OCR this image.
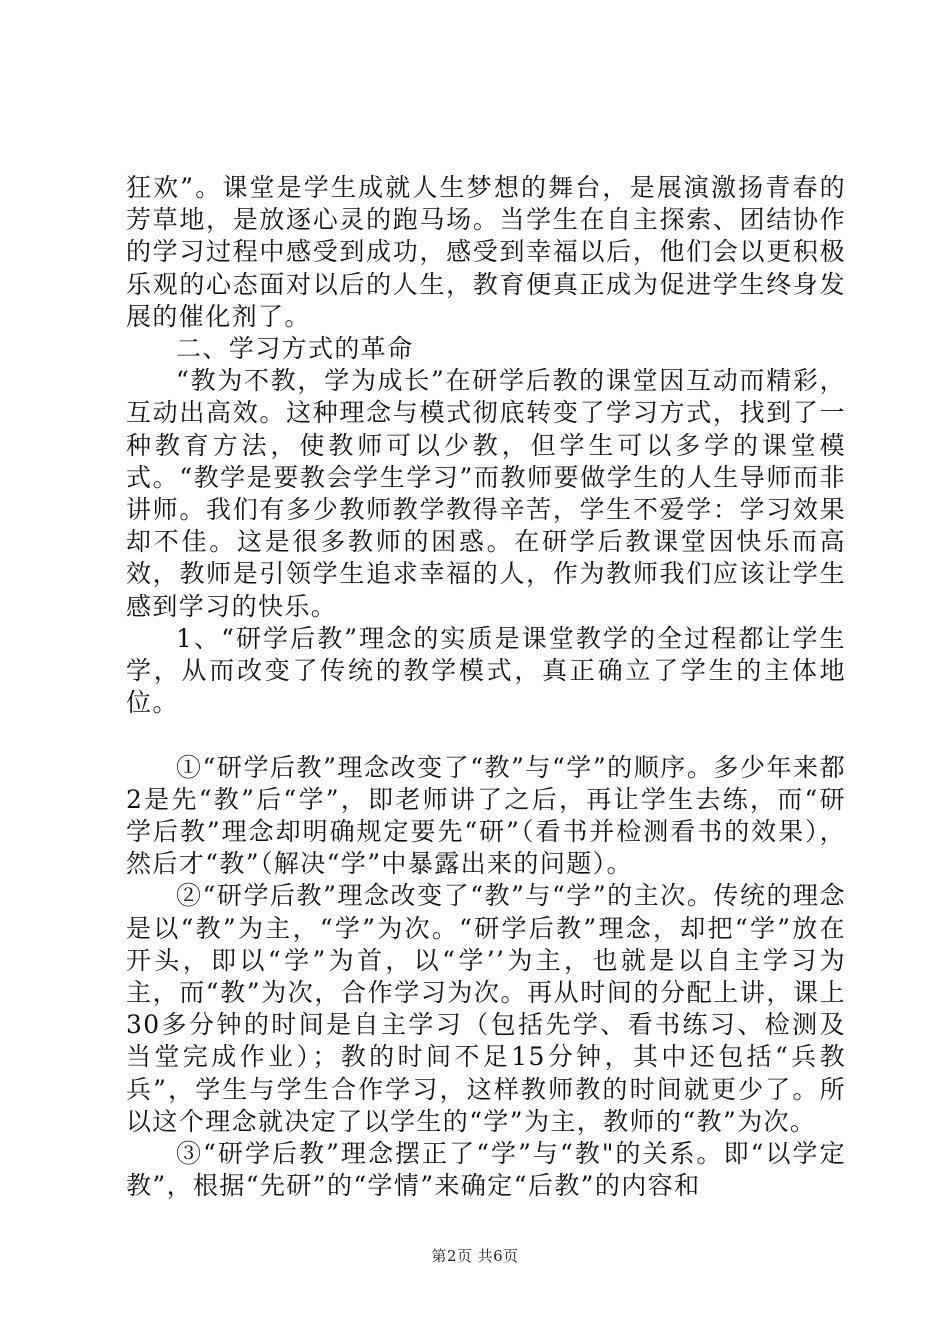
狂欢”。课堂是学生成就人生梦想的舞台，是展演激扬青春的芳草地，是放逐心灵的跑马场。当学生在自主探索、团结协作的学习过程中感受到成功，感受到幸福以后，他们会以更积极乐观的心态面对以后的人生，教育便真正成为促进学生终身发展的催化剂了。

二、学习方式的革命

“教为不教，学为成长”在研学后教的课堂因互动而精彩，互动出高效。这种理念与模式彻底转变了学习方式，找到了一种教育方法，使教师可以少教，但学生可以多学的课堂模式。“教学是要教会学生学习”而教师要做学生的人生导师而非讲师。我们有多少教师教学教得辛苦，学生不爱学：学习效果却不佳。这是很多教师的困惑。在研学后教课堂因快乐而高效，教师是引领学生追求幸福的人，作为教师我们应该让学生感到学习的快乐。

1、“研学后教”理念的实质是课堂教学的全过程都让学生学，从而改变了传统的教学模式，真正确立了学生的主体地位。

①“研学后教”理念改变了“教”与“学”的顺序。多少年来都2是先“教”后“学”，即老师讲了之后，再让学生去练，而“研学后教”理念却明确规定要先“研”（看书并检测看书的效果），然后才“教”（解决“学”中暴露出来的问题）。

②“研学后教”理念改变了“教”与“学”的主次。传统的理念是以“教”为主，“学”为次。“研学后教”理念，却把“学”放在开头，即以“学”为首，以“学’’为主，也就是以自主学习为主，而“教”为次，合作学习为次。再从时间的分配上讲，课上30多分钟的时间是自主学习（包括先学、看书练习、检测及当堂完成作业）；教的时间不足15分钟，其中还包括“兵教兵”，学生与学生合作学习，这样教师教的时间就更少了。所以这个理念就决定了以学生的“学”为主，教师的“教”为次。

③“研学后教”理念摆正了“学”与“教"的关系。即“以学定教”，根据“先研”的“学情”来确定“后教”的内容和

第2页 共6页
